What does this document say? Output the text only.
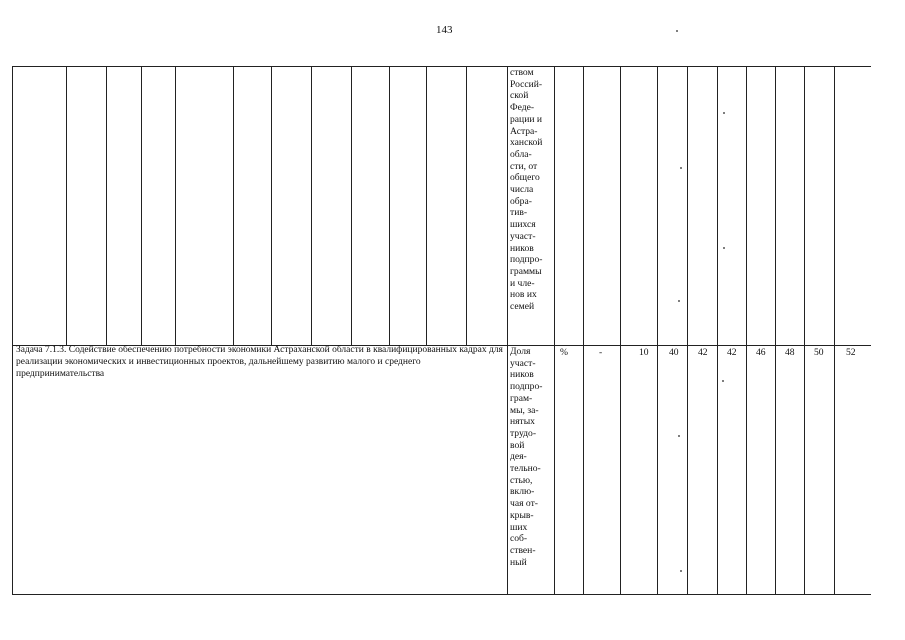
143
ством
Россий-
ской
Феде-
рации и
Астра-
ханской
обла-
сти, от
общего
числа
обра-
тив-
шихся
участ-
ников
подпро-
граммы
и чле-
нов их
семей
Задача 7.1.3. Содействие обеспечению потребности экономики Астраханской области в квалифицированных кадрах для реализации экономических и инвестиционных проектов, дальнейшему развитию малого и среднего предпринимательства
Доля
участ-
ников
подпро-
грам-
мы, за-
нятых
трудо-
вой
дея-
тельно-
стью,
вклю-
чая от-
крыв-
ших
соб-
ствен-
ный
%	-	10 40 42 42 46 48 50 52
